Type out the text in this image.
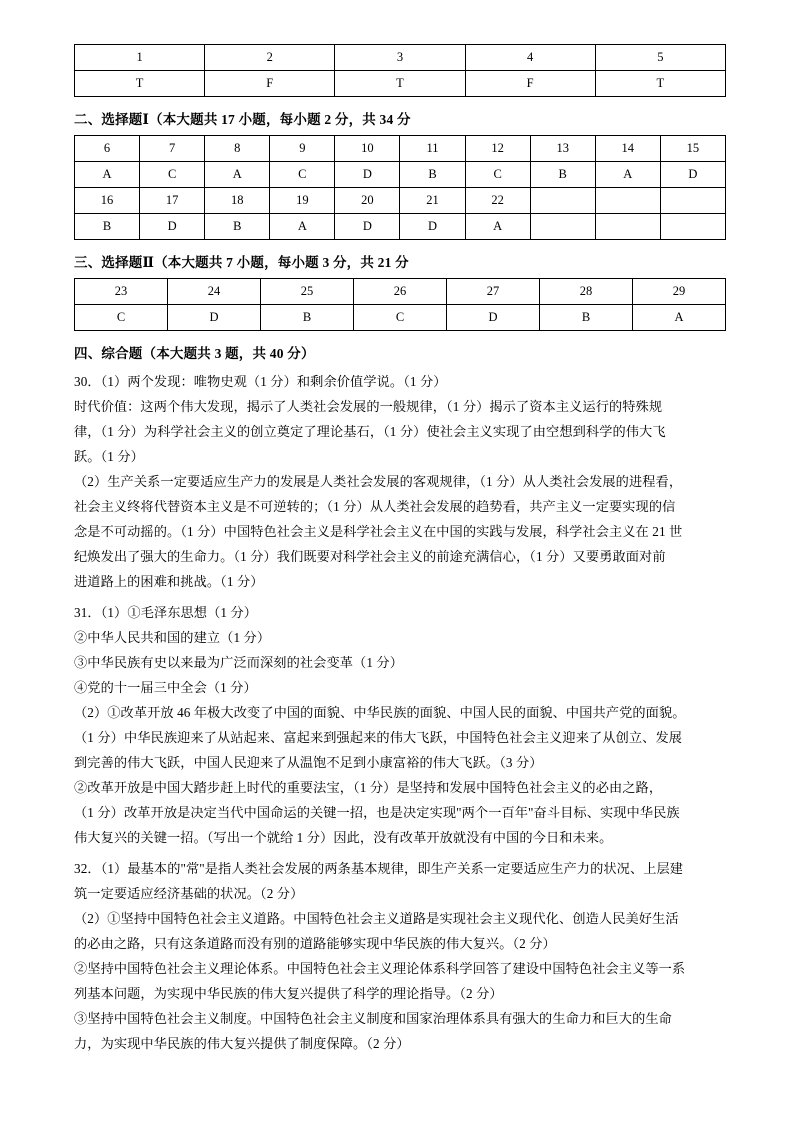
1	2	3	4	5
T	F	T	F	T
二、选择题Ⅰ（本大题共 17 小题，每小题 2 分，共 34 分
6	7	8	9	10	11	12	13	14	15
A	C	A	C	D	B	C	B	A	D
16	17	18	19	20	21	22			
B	D	B	A	D	D	A			
三、选择题Ⅱ（本大题共 7 小题，每小题 3 分，共 21 分
23	24	25	26	27	28	29
C	D	B	C	D	B	A
四、综合题（本大题共 3 题，共 40 分）

30．（1）两个发现：唯物史观（1 分）和剩余价值学说。（1 分）

时代价值：这两个伟大发现，揭示了人类社会发展的一般规律，（1 分）揭示了资本主义运行的特殊规

律，（1 分）为科学社会主义的创立奠定了理论基石，（1 分）使社会主义实现了由空想到科学的伟大飞

跃。（1 分）

（2）生产关系一定要适应生产力的发展是人类社会发展的客观规律，（1 分）从人类社会发展的进程看，

社会主义终将代替资本主义是不可逆转的；（1 分）从人类社会发展的趋势看，共产主义一定要实现的信

念是不可动摇的。（1 分）中国特色社会主义是科学社会主义在中国的实践与发展，科学社会主义在 21 世

纪焕发出了强大的生命力。（1 分）我们既要对科学社会主义的前途充满信心，（1 分）又要勇敢面对前

进道路上的困难和挑战。（1 分）

31．（1）①毛泽东思想（1 分）

②中华人民共和国的建立（1 分）

③中华民族有史以来最为广泛而深刻的社会变革（1 分）

④党的十一届三中全会（1 分）

（2）①改革开放 46 年极大改变了中国的面貌、中华民族的面貌、中国人民的面貌、中国共产党的面貌。

（1 分）中华民族迎来了从站起来、富起来到强起来的伟大飞跃，中国特色社会主义迎来了从创立、发展

到完善的伟大飞跃，中国人民迎来了从温饱不足到小康富裕的伟大飞跃。（3 分）

②改革开放是中国大踏步赶上时代的重要法宝，（1 分）是坚持和发展中国特色社会主义的必由之路，

（1 分）改革开放是决定当代中国命运的关键一招，也是决定实现"两个一百年"奋斗目标、实现中华民族

伟大复兴的关键一招。（写出一个就给 1 分）因此，没有改革开放就没有中国的今日和未来。

32．（1）最基本的"常"是指人类社会发展的两条基本规律，即生产关系一定要适应生产力的状况、上层建

筑一定要适应经济基础的状况。（2 分）

（2）①坚持中国特色社会主义道路。中国特色社会主义道路是实现社会主义现代化、创造人民美好生活

的必由之路，只有这条道路而没有别的道路能够实现中华民族的伟大复兴。（2 分）

②坚持中国特色社会主义理论体系。中国特色社会主义理论体系科学回答了建设中国特色社会主义等一系

列基本问题，为实现中华民族的伟大复兴提供了科学的理论指导。（2 分）

③坚持中国特色社会主义制度。中国特色社会主义制度和国家治理体系具有强大的生命力和巨大的生命

力，为实现中华民族的伟大复兴提供了制度保障。（2 分）
